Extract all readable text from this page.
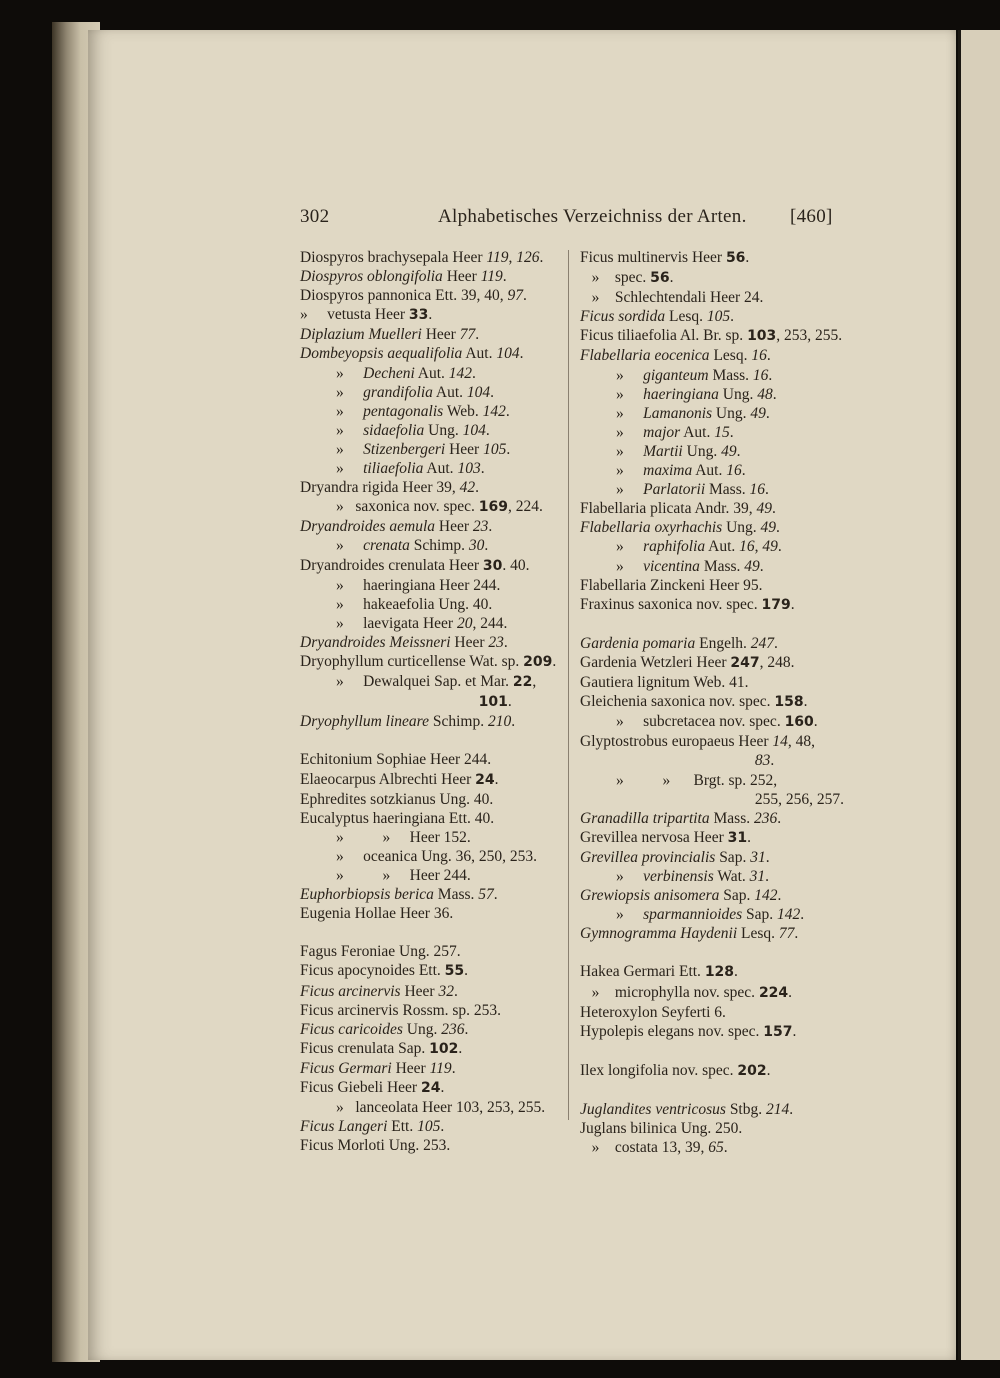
302	Alphabetisches Verzeichniss der Arten. [460]
Diospyros brachysepala Heer 119, 126.
Diospyros oblongifolia Heer 119.
Diospyros pannonica Ett. 39, 40, 97.
»     vetusta Heer 33.
Diplazium Muelleri Heer 77.
Dombeyopsis aequalifolia Aut. 104.
»     Decheni Aut. 142.
»     grandifolia Aut. 104.
»     pentagonalis Web. 142.
»     sidaefolia Ung. 104.
»     Stizenbergeri Heer 105.
»     tiliaefolia Aut. 103.
Dryandra rigida Heer 39, 42.
»   saxonica nov. spec. 169, 224.
Dryandroides aemula Heer 23.
»     crenata Schimp. 30.
Dryandroides crenulata Heer 30. 40.
»     haeringiana Heer 244.
»     hakeaefolia Ung. 40.
»     laevigata Heer 20, 244.
Dryandroides Meissneri Heer 23.
Dryophyllum curticellense Wat. sp. 209.
»     Dewalquei Sap. et Mar. 22,
101.
Dryophyllum lineare Schimp. 210.
Echitonium Sophiae Heer 244.
Elaeocarpus Albrechti Heer 24.
Ephredites sotzkianus Ung. 40.
Eucalyptus haeringiana Ett. 40.
»          »     Heer 152.
»     oceanica Ung. 36, 250, 253.
»          »     Heer 244.
Euphorbiopsis berica Mass. 57.
Eugenia Hollae Heer 36.
Fagus Feroniae Ung. 257.
Ficus apocynoides Ett. 55.
Ficus arcinervis Heer 32.
Ficus arcinervis Rossm. sp. 253.
Ficus caricoides Ung. 236.
Ficus crenulata Sap. 102.
Ficus Germari Heer 119.
Ficus Giebeli Heer 24.
»   lanceolata Heer 103, 253, 255.
Ficus Langeri Ett. 105.
Ficus Morloti Ung. 253.
Ficus multinervis Heer 56.
»    spec. 56.
»    Schlechtendali Heer 24.
Ficus sordida Lesq. 105.
Ficus tiliaefolia Al. Br. sp. 103, 253, 255.
Flabellaria eocenica Lesq. 16.
»     giganteum Mass. 16.
»     haeringiana Ung. 48.
»     Lamanonis Ung. 49.
»     major Aut. 15.
»     Martii Ung. 49.
»     maxima Aut. 16.
»     Parlatorii Mass. 16.
Flabellaria plicata Andr. 39, 49.
Flabellaria oxyrhachis Ung. 49.
»     raphifolia Aut. 16, 49.
»     vicentina Mass. 49.
Flabellaria Zinckeni Heer 95.
Fraxinus saxonica nov. spec. 179.
Gardenia pomaria Engelh. 247.
Gardenia Wetzleri Heer 247, 248.
Gautiera lignitum Web. 41.
Gleichenia saxonica nov. spec. 158.
»     subcretacea nov. spec. 160.
Glyptostrobus europaeus Heer 14, 48,
83.
»          »      Brgt. sp. 252,
255, 256, 257.
Granadilla tripartita Mass. 236.
Grevillea nervosa Heer 31.
Grevillea provincialis Sap. 31.
»     verbinensis Wat. 31.
Grewiopsis anisomera Sap. 142.
»     sparmannioides Sap. 142.
Gymnogramma Haydenii Lesq. 77.
Hakea Germari Ett. 128.
»    microphylla nov. spec. 224.
Heteroxylon Seyferti 6.
Hypolepis elegans nov. spec. 157.
Ilex longifolia nov. spec. 202.
Juglandites ventricosus Stbg. 214.
Juglans bilinica Ung. 250.
»    costata 13, 39, 65.
